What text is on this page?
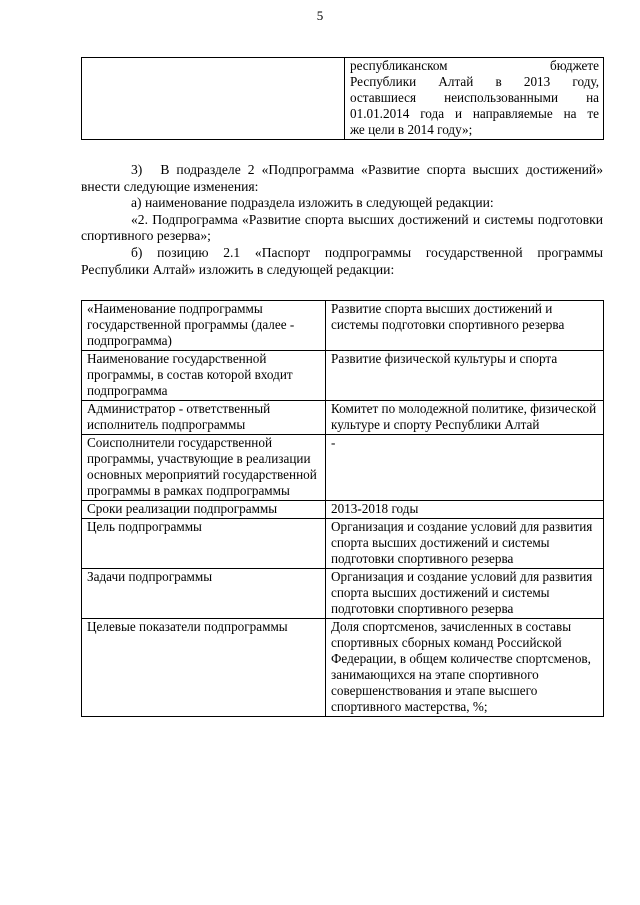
5

республиканском бюджете
Республики Алтай в 2013 году,
оставшиеся неиспользованными на
01.01.2014 года и направляемые на те
же цели в 2014 году»;

3) В подразделе 2 «Подпрограмма «Развитие спорта высших достижений» внести следующие изменения:

а) наименование подраздела изложить в следующей редакции:

«2. Подпрограмма «Развитие спорта высших достижений и системы подготовки спортивного резерва»;

б) позицию 2.1 «Паспорт подпрограммы государственной программы Республики Алтай» изложить в следующей редакции:

«Наименование подпрограммы государственной программы (далее - подпрограмма)	Развитие спорта высших достижений и системы подготовки спортивного резерва
Наименование государственной программы, в состав которой входит подпрограмма	Развитие физической культуры и спорта
Администратор - ответственный исполнитель подпрограммы	Комитет по молодежной политике, физической культуре и спорту Республики Алтай
Соисполнители государственной программы, участвующие в реализации основных мероприятий государственной программы в рамках подпрограммы	-
Сроки реализации подпрограммы	2013-2018 годы
Цель подпрограммы	Организация и создание условий для развития спорта высших достижений и системы подготовки спортивного резерва
Задачи подпрограммы	Организация и создание условий для развития спорта высших достижений и системы подготовки спортивного резерва
Целевые показатели подпрограммы	Доля спортсменов, зачисленных в составы спортивных сборных команд Российской Федерации, в общем количестве спортсменов, занимающихся на этапе спортивного совершенствования и этапе высшего спортивного мастерства, %;
